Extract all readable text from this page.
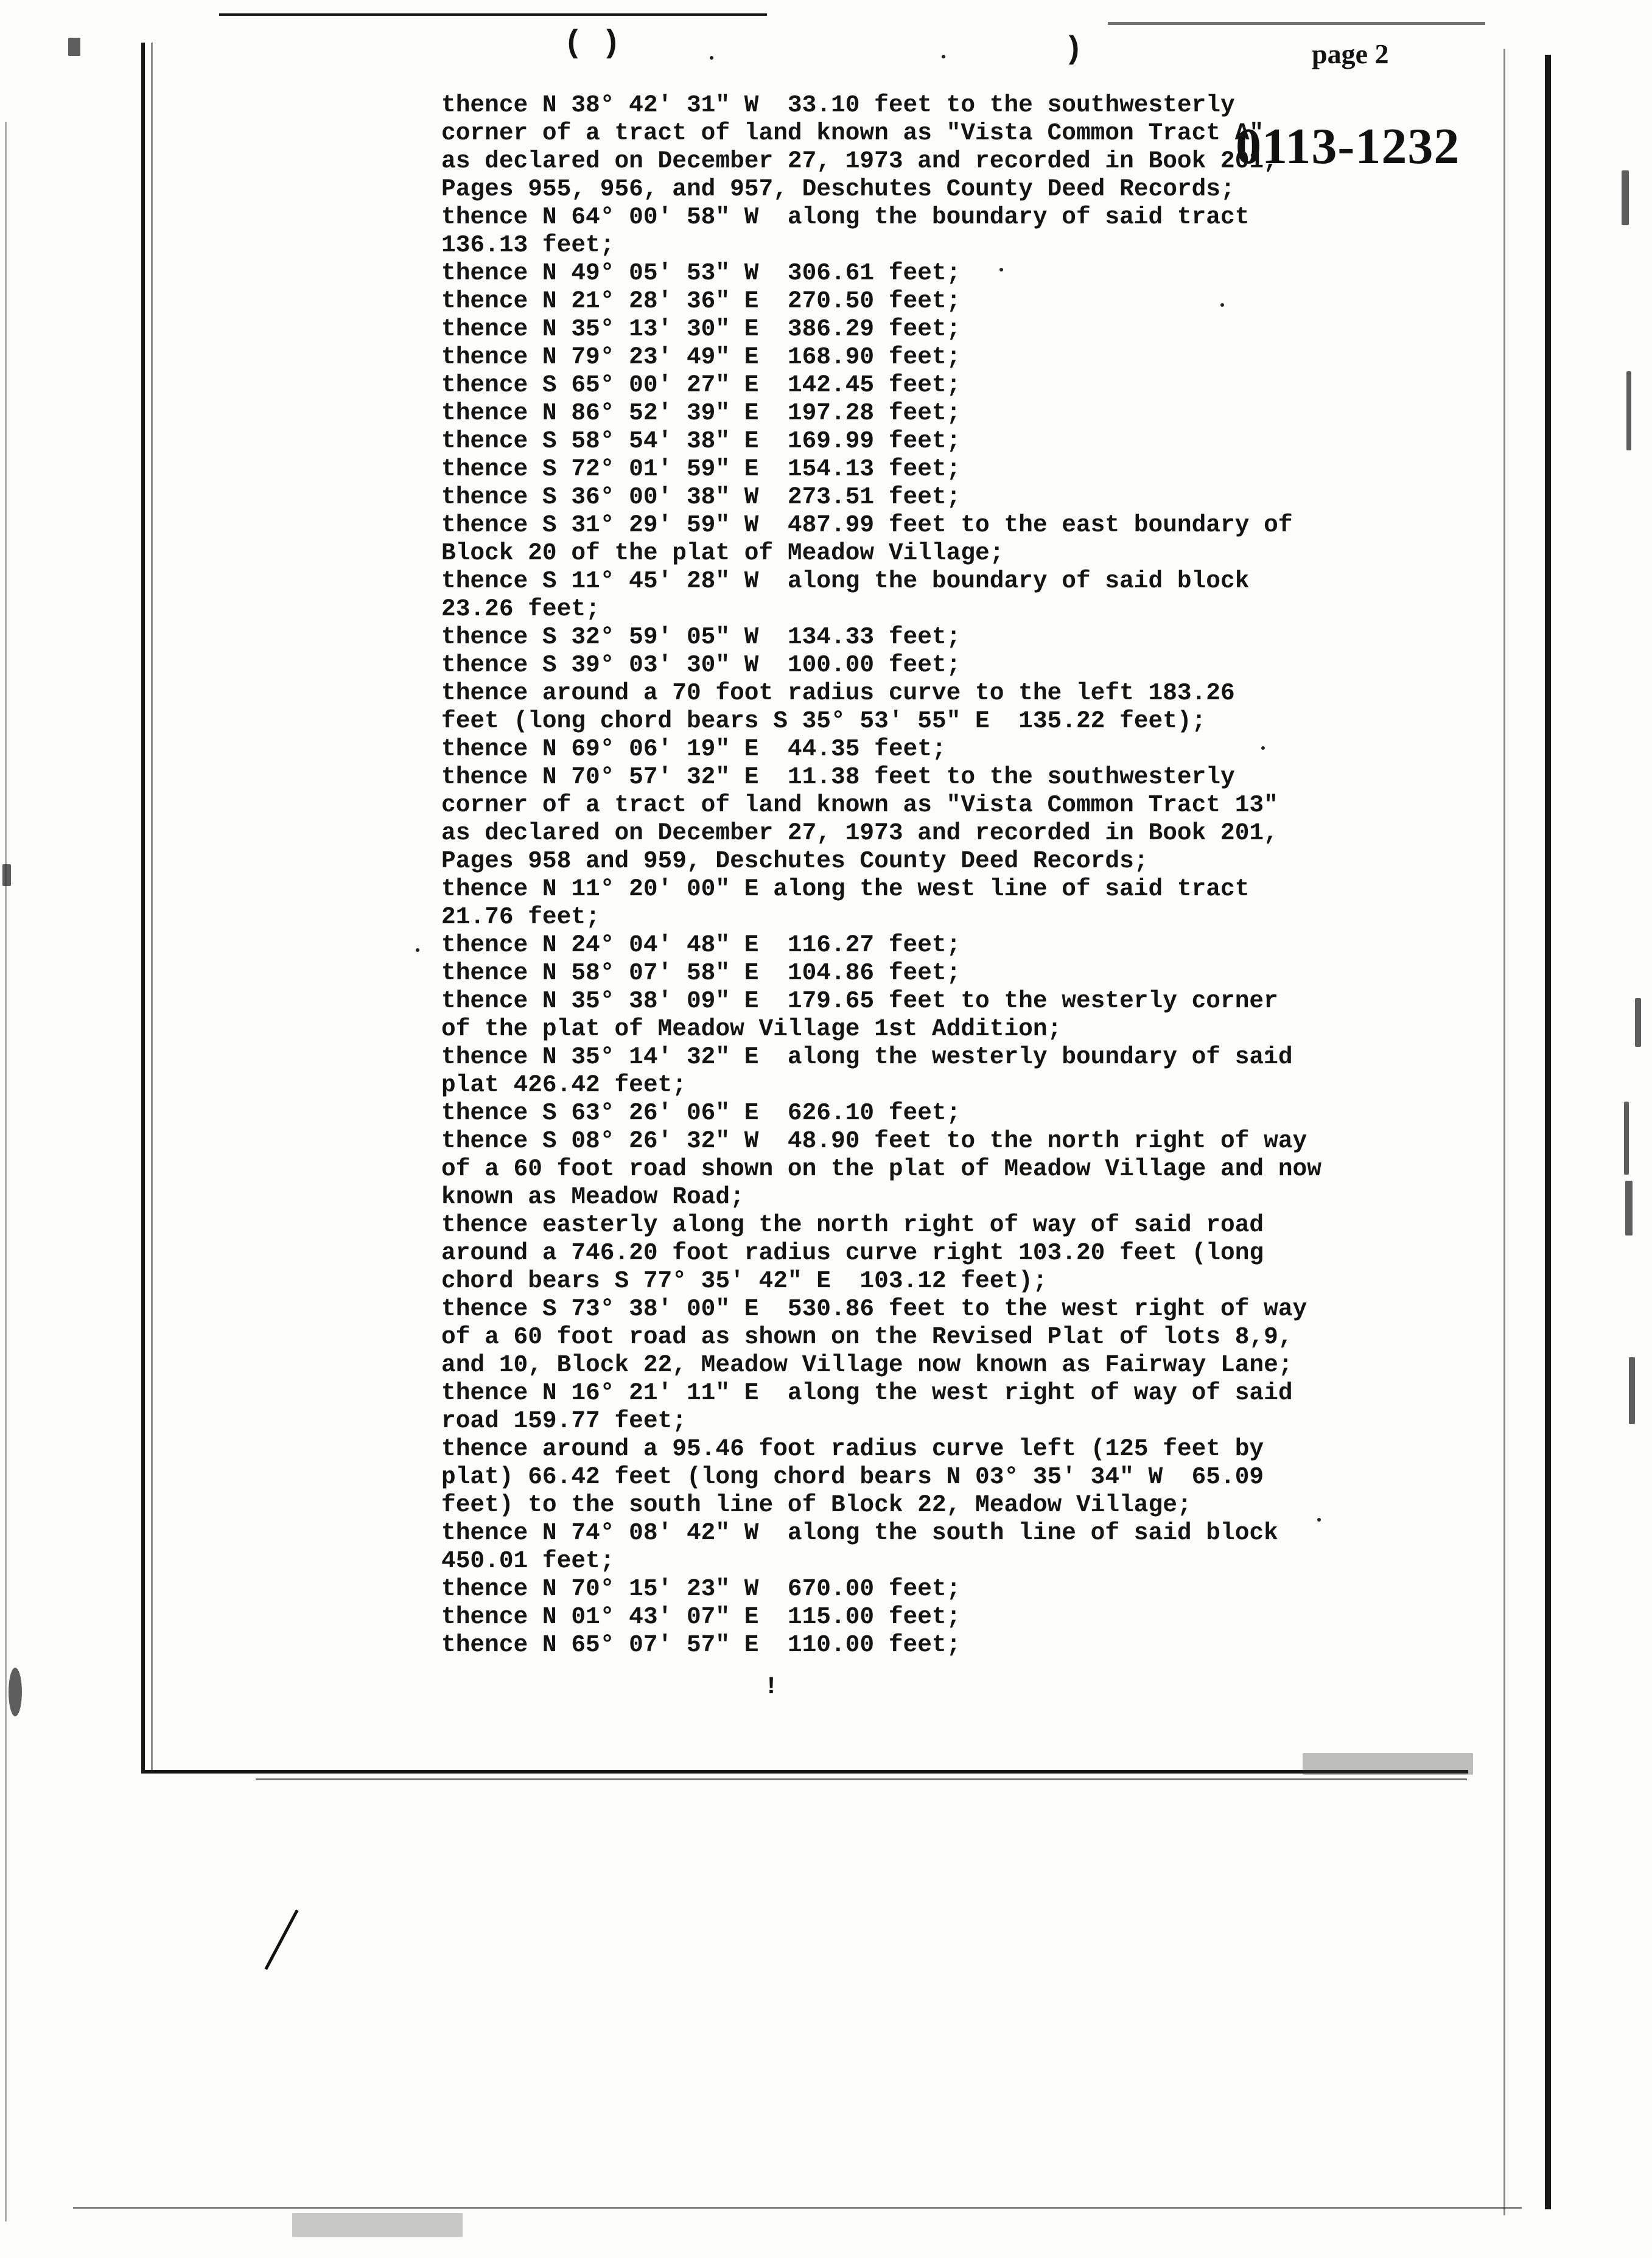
( )	)	page 2
0113-1232
thence N 38° 42' 31" W  33.10 feet to the southwesterly
corner of a tract of land known as "Vista Common Tract A"
as declared on December 27, 1973 and recorded in Book 201,
Pages 955, 956, and 957, Deschutes County Deed Records;
thence N 64° 00' 58" W  along the boundary of said tract
136.13 feet;
thence N 49° 05' 53" W  306.61 feet;
thence N 21° 28' 36" E  270.50 feet;
thence N 35° 13' 30" E  386.29 feet;
thence N 79° 23' 49" E  168.90 feet;
thence S 65° 00' 27" E  142.45 feet;
thence N 86° 52' 39" E  197.28 feet;
thence S 58° 54' 38" E  169.99 feet;
thence S 72° 01' 59" E  154.13 feet;
thence S 36° 00' 38" W  273.51 feet;
thence S 31° 29' 59" W  487.99 feet to the east boundary of
Block 20 of the plat of Meadow Village;
thence S 11° 45' 28" W  along the boundary of said block
23.26 feet;
thence S 32° 59' 05" W  134.33 feet;
thence S 39° 03' 30" W  100.00 feet;
thence around a 70 foot radius curve to the left 183.26
feet (long chord bears S 35° 53' 55" E  135.22 feet);
thence N 69° 06' 19" E  44.35 feet;
thence N 70° 57' 32" E  11.38 feet to the southwesterly
corner of a tract of land known as "Vista Common Tract 13"
as declared on December 27, 1973 and recorded in Book 201,
Pages 958 and 959, Deschutes County Deed Records;
thence N 11° 20' 00" E along the west line of said tract
21.76 feet;
thence N 24° 04' 48" E  116.27 feet;
thence N 58° 07' 58" E  104.86 feet;
thence N 35° 38' 09" E  179.65 feet to the westerly corner
of the plat of Meadow Village 1st Addition;
thence N 35° 14' 32" E  along the westerly boundary of said
plat 426.42 feet;
thence S 63° 26' 06" E  626.10 feet;
thence S 08° 26' 32" W  48.90 feet to the north right of way
of a 60 foot road shown on the plat of Meadow Village and now
known as Meadow Road;
thence easterly along the north right of way of said road
around a 746.20 foot radius curve right 103.20 feet (long
chord bears S 77° 35' 42" E  103.12 feet);
thence S 73° 38' 00" E  530.86 feet to the west right of way
of a 60 foot road as shown on the Revised Plat of lots 8,9,
and 10, Block 22, Meadow Village now known as Fairway Lane;
thence N 16° 21' 11" E  along the west right of way of said
road 159.77 feet;
thence around a 95.46 foot radius curve left (125 feet by
plat) 66.42 feet (long chord bears N 03° 35' 34" W  65.09
feet) to the south line of Block 22, Meadow Village;
thence N 74° 08' 42" W  along the south line of said block
450.01 feet;
thence N 70° 15' 23" W  670.00 feet;
thence N 01° 43' 07" E  115.00 feet;
thence N 65° 07' 57" E  110.00 feet;
!
